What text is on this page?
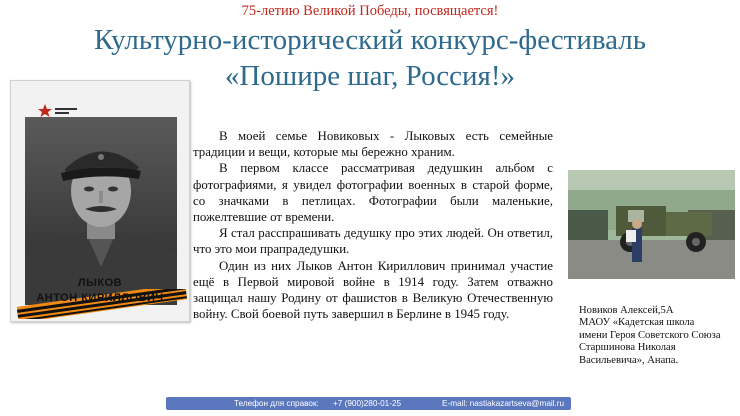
75-летию Великой Победы, посвящается!
Культурно-исторический конкурс-фестиваль
«Пошире шаг, Россия!»
ЛЫКОВ
АНТОН КИРИЛЛОВИЧ

В моей семье Новиковых - Лыковых есть семейные традиции и вещи, которые мы бережно храним.

В первом классе рассматривая дедушкин альбом с фотографиями, я увидел фотографии военных в старой форме, со значками в петлицах. Фотографии были маленькие, пожелтевшие от времени.

Я стал расспрашивать дедушку про этих людей. Он ответил, что это мои прапрадедушки.

Один из них Лыков Антон Кириллович принимал участие ещё в Первой мировой войне в 1914 году. Затем отважно защищал нашу Родину от фашистов в Великую Отечественную войну. Свой боевой путь завершил в Берлине в 1945 году.	Новиков Алексей,5А
МАОУ «Кадетская школа
имени Героя Советского Союза
Старшинова Николая
Васильевича», Анапа.
Телефон для справок: +7 (900)280-01-25	E-mail: nastiakazartseva@mail.ru
